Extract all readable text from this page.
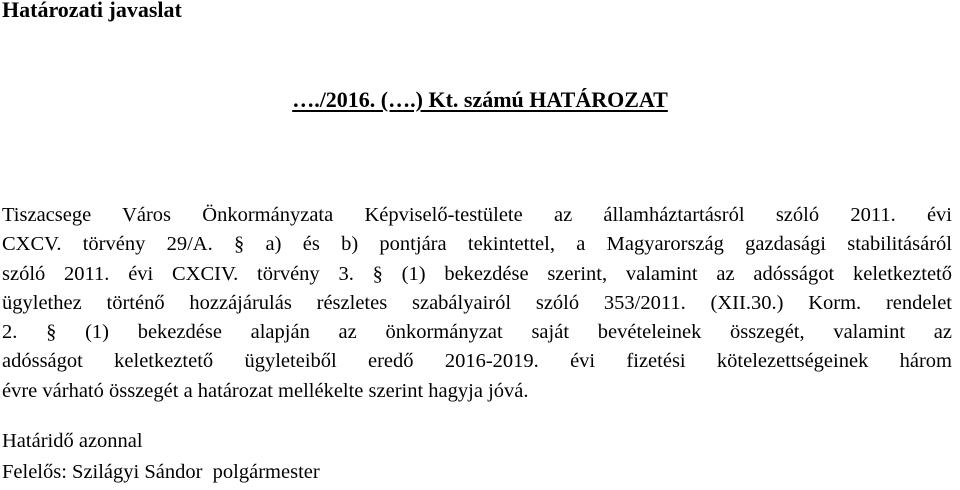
Határozati javaslat
…./2016. (….) Kt. számú HATÁROZAT
Tiszacsege Város Önkormányzata Képviselő-testülete az államháztartásról szóló 2011. évi
CXCV. törvény 29/A. § a) és b) pontjára tekintettel, a Magyarország gazdasági stabilitásáról
szóló 2011. évi CXCIV. törvény 3. § (1) bekezdése szerint, valamint az adósságot keletkeztető
ügylethez történő hozzájárulás részletes szabályairól szóló 353/2011. (XII.30.) Korm. rendelet
2. § (1) bekezdése alapján az önkormányzat saját bevételeinek összegét, valamint az
adósságot keletkeztető ügyleteiből eredő 2016-2019. évi fizetési kötelezettségeinek három
évre várható összegét a határozat mellékelte szerint hagyja jóvá.
Határidő azonnal
Felelős: Szilágyi Sándor  polgármester
